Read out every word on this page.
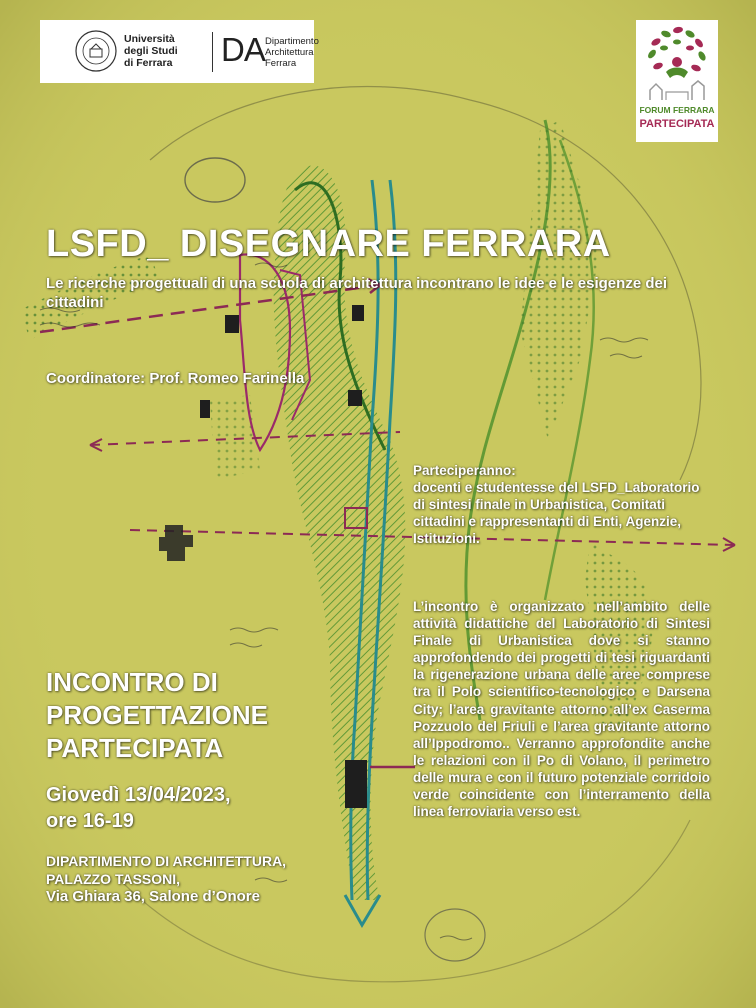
Università
degli Studi
di Ferrara	DA Dipartimento
Architettura
Ferrara
FORUM FERRARA
PARTECIPATA
LSFD_ DISEGNARE FERRARA
Le ricerche progettuali di una scuola di architettura incontrano le idee e le esigenze dei cittadini
Coordinatore: Prof. Romeo Farinella
Parteciperanno:
docenti e studentesse del LSFD_Laboratorio di sintesi finale in Urbanistica, Comitati cittadini e rappresentanti di Enti, Agenzie, Istituzioni.
L’incontro è organizzato nell’ambito delle attività didattiche del Laboratorio di Sintesi Finale di Urbanistica dove si stanno approfondendo dei progetti di tesi riguardanti la rigenerazione urbana delle aree comprese tra il Polo scientifico-tecnologico e Darsena City; l’area gravitante attorno all’ex Caserma Pozzuolo del Friuli e l’area gravitante attorno all’Ippodromo.. Verranno approfondite anche le relazioni con il Po di Volano, il perimetro delle mura e con il futuro potenziale corridoio verde coincidente con l’interramento della linea ferroviaria verso est.
INCONTRO DI
PROGETTAZIONE
PARTECIPATA
Giovedì 13/04/2023,
ore 16-19
DIPARTIMENTO DI ARCHITETTURA,
PALAZZO TASSONI,
Via Ghiara 36, Salone d’Onore
